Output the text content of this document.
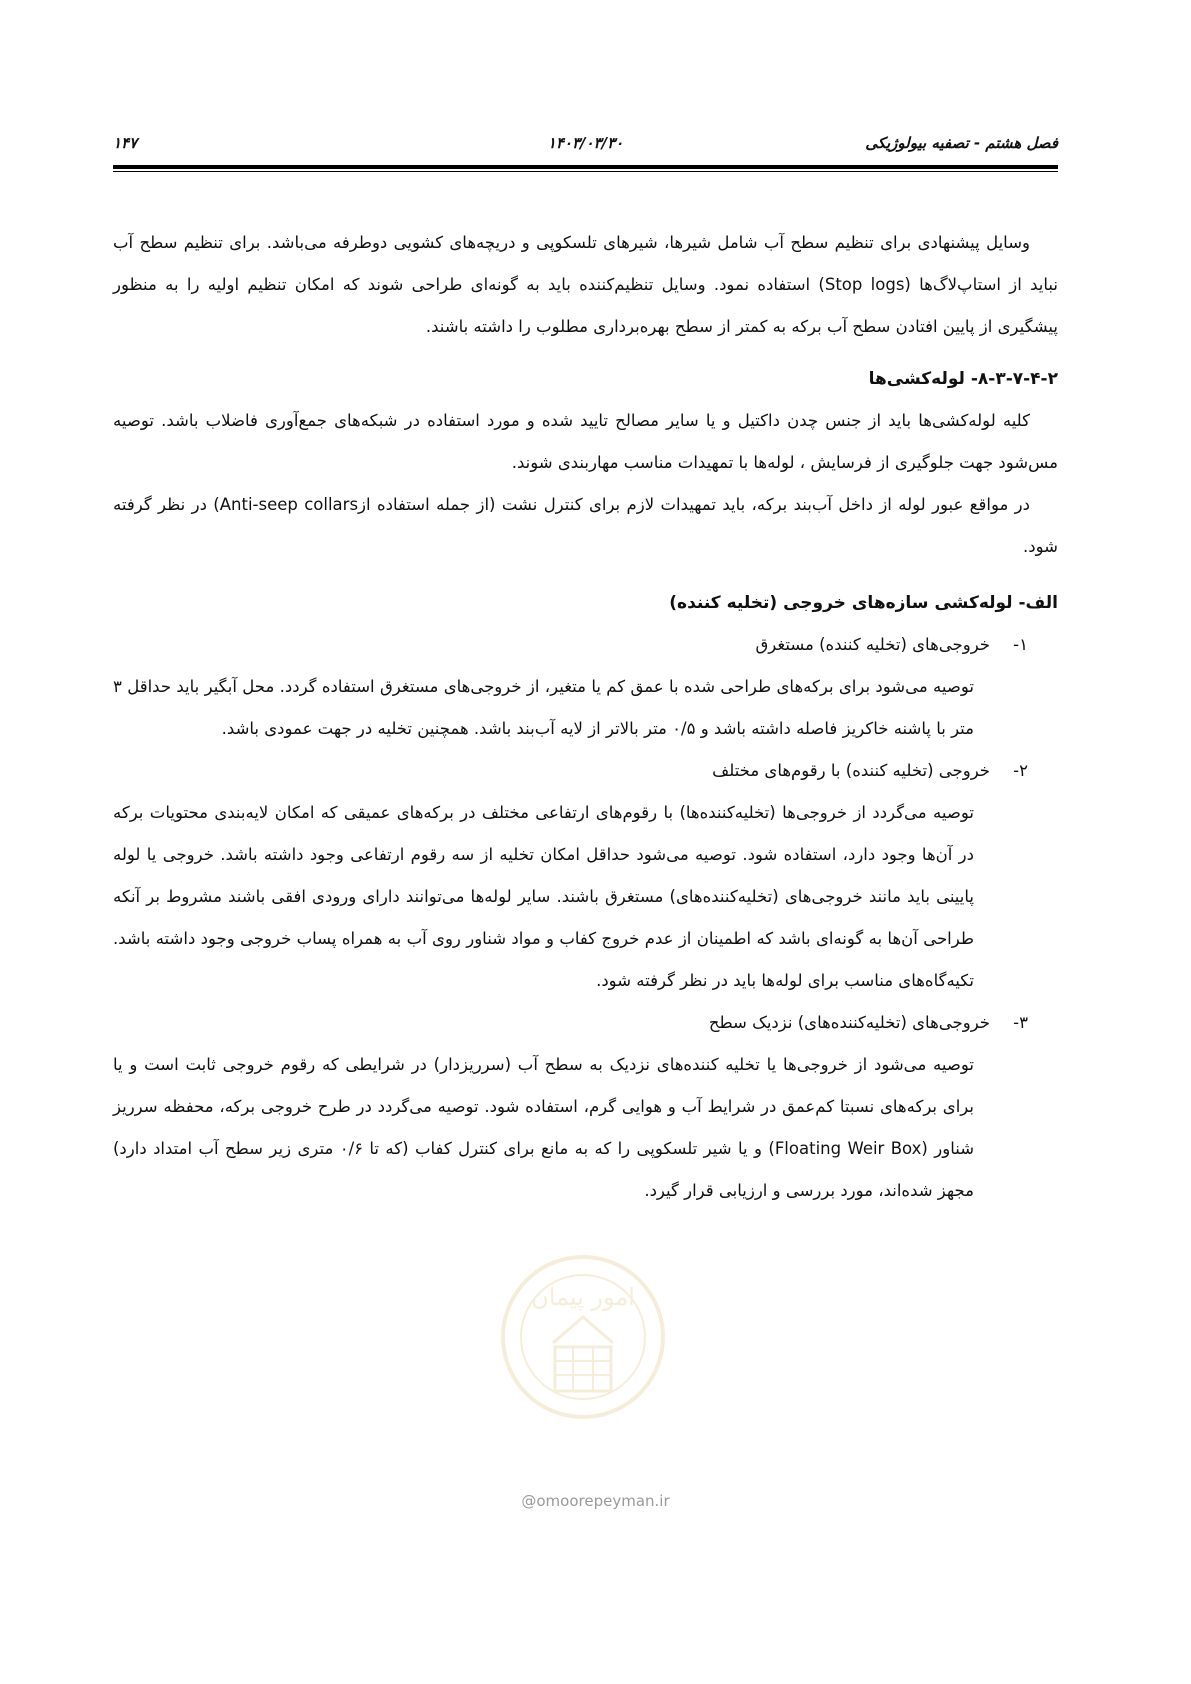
فصل هشتم - تصفیه بیولوژیکی
۱۴۰۳/۰۳/۳۰
۱۴۷

وسایل پیشنهادی برای تنظیم سطح آب شامل شیرها، شیرهای تلسکوپی و دریچه‌های کشویی دوطرفه می‌باشد. برای تنظیم سطح آب نباید از استاپ‌لاگ‌ها (Stop logs) استفاده نمود. وسایل تنظیم‌کننده باید به گونه‌ای طراحی شوند که امکان تنظیم اولیه را به منظور پیشگیری از پایین افتادن سطح آب برکه به کمتر از سطح بهره‌برداری مطلوب را داشته باشند.

۸-۳-۷-۴-۲- لوله‌کشی‌ها

کلیه لوله‌کشی‌ها باید از جنس چدن داکتیل و یا سایر مصالح تایید شده و مورد استفاده در شبکه‌های جمع‌آوری فاضلاب باشد. توصیه مس‌شود جهت جلوگیری از فرسایش ، لوله‌ها با تمهیدات مناسب مهاربندی شوند.

در مواقع عبور لوله از داخل آب‌بند برکه، باید تمهیدات لازم برای کنترل نشت (از جمله استفاده از‌Anti-seep collars) در نظر گرفته شود.

الف- لوله‌کشی سازه‌های خروجی (تخلیه کننده)
۱-
خروجی‌های (تخلیه کننده) مستغرق

توصیه می‌شود برای برکه‌های طراحی شده با عمق کم یا متغیر، از خروجی‌های مستغرق استفاده گردد. محل آبگیر باید حداقل ۳ متر با پاشنه خاکریز فاصله داشته باشد و ۰/۵ متر بالاتر از لایه آب‌بند باشد. همچنین تخلیه در جهت عمودی باشد.

۲-
خروجی (تخلیه کننده) با رقوم‌های مختلف

توصیه می‌گردد از خروجی‌ها (تخلیه‌کننده‌ها) با رقوم‌های ارتفاعی مختلف در برکه‌های عمیقی که امکان لایه‌بندی محتویات برکه در آن‌ها وجود دارد، استفاده شود. توصیه می‌شود حداقل امکان تخلیه از سه رقوم ارتفاعی وجود داشته باشد. خروجی یا لوله پایینی باید مانند خروجی‌های (تخلیه‌کننده‌های) مستغرق باشند. سایر لوله‌ها می‌توانند دارای ورودی افقی باشند مشروط بر آنکه طراحی آن‌ها به گونه‌ای باشد که اطمینان از عدم خروج کفاب و مواد شناور روی آب به همراه پساب خروجی وجود داشته باشد. تکیه‌گاه‌های مناسب برای لوله‌ها باید در نظر گرفته شود.

۳-
خروجی‌های (تخلیه‌کننده‌های) نزدیک سطح

توصیه می‌شود از خروجی‌ها یا تخلیه کننده‌های نزدیک به سطح آب (سرریزدار) در شرایطی که رقوم خروجی ثابت است و یا برای برکه‌های نسبتا کم‌عمق در شرایط آب و هوایی گرم، استفاده شود. توصیه می‌گردد در طرح خروجی برکه، محفظه سرریز شناور (Floating Weir Box) و یا شیر تلسکوپی را که به مانع برای کنترل کفاب (که تا ۰/۶ متری زیر سطح آب امتداد دارد) مجهز شده‌اند، مورد بررسی و ارزیابی قرار گیرد.

امور پیمان
@omoorepeyman.ir
